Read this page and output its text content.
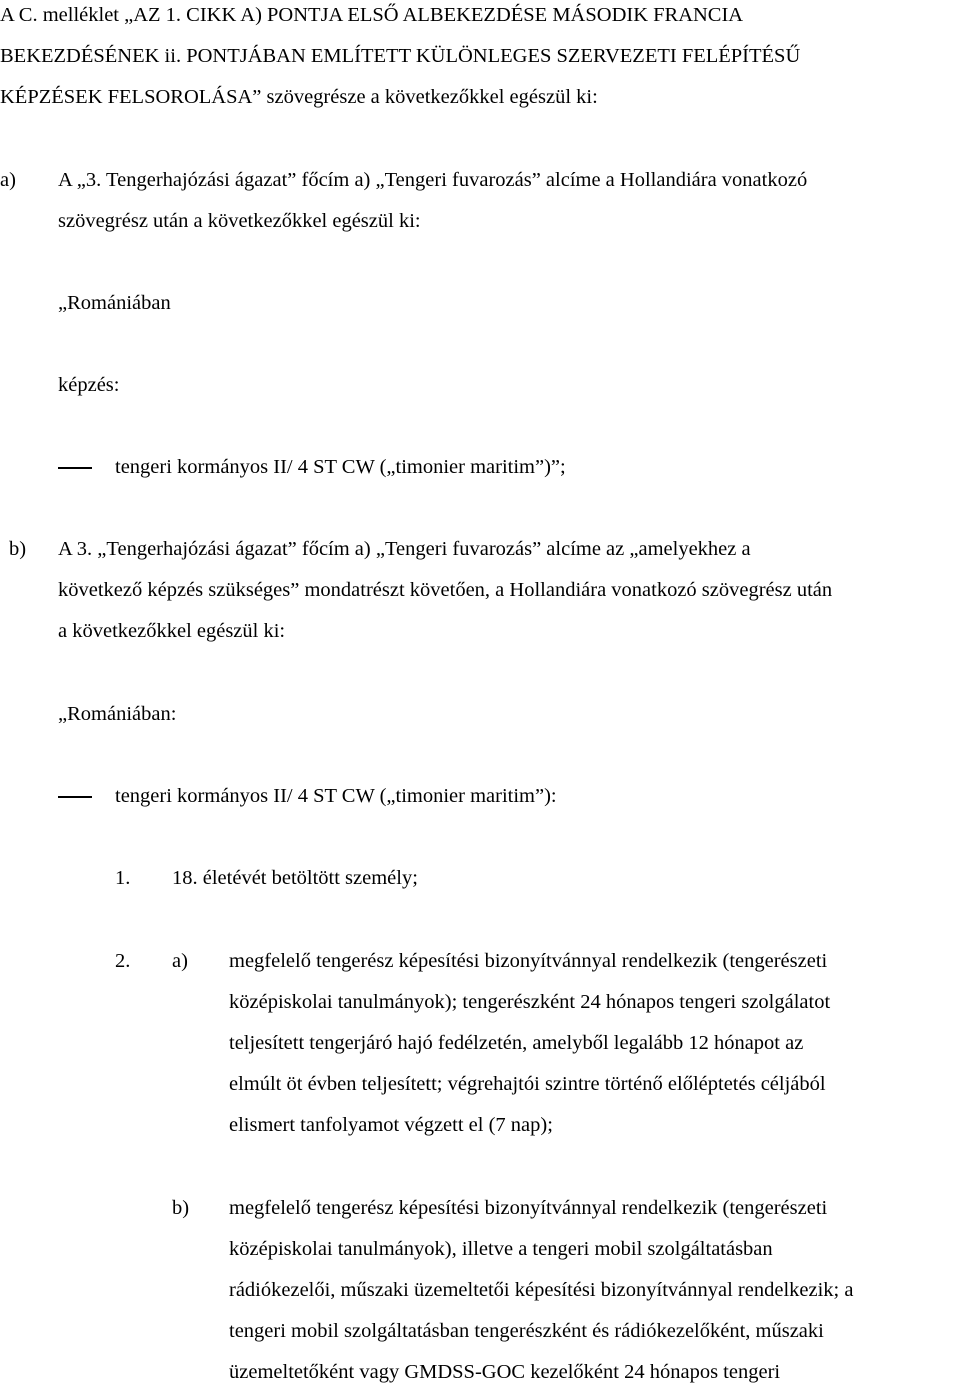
A C. melléklet „AZ 1. CIKK A) PONTJA ELSŐ ALBEKEZDÉSE MÁSODIK FRANCIA
BEKEZDÉSÉNEK ii. PONTJÁBAN EMLÍTETT KÜLÖNLEGES SZERVEZETI FELÉPÍTÉSŰ
KÉPZÉSEK FELSOROLÁSA” szövegrésze a következőkkel egészül ki:
a) A „3. Tengerhajózási ágazat” főcím a) „Tengeri fuvarozás” alcíme a Hollandiára vonatkozó
szövegrész után a következőkkel egészül ki:
„Romániában
képzés:
tengeri kormányos II/ 4 ST CW („timonier maritim”)”;
b) A 3. „Tengerhajózási ágazat” főcím a) „Tengeri fuvarozás” alcíme az „amelyekhez a
következő képzés szükséges” mondatrészt követően, a Hollandiára vonatkozó szövegrész után
a következőkkel egészül ki:
„Romániában:
tengeri kormányos II/ 4 ST CW („timonier maritim”):
1. 18. életévét betöltött személy;
2. a) megfelelő tengerész képesítési bizonyítvánnyal rendelkezik (tengerészeti
középiskolai tanulmányok); tengerészként 24 hónapos tengeri szolgálatot
teljesített tengerjáró hajó fedélzetén, amelyből legalább 12 hónapot az
elmúlt öt évben teljesített; végrehajtói szintre történő előléptetés céljából
elismert tanfolyamot végzett el (7 nap);
b) megfelelő tengerész képesítési bizonyítvánnyal rendelkezik (tengerészeti
középiskolai tanulmányok), illetve a tengeri mobil szolgáltatásban
rádiókezelői, műszaki üzemeltetői képesítési bizonyítvánnyal rendelkezik; a
tengeri mobil szolgáltatásban tengerészként és rádiókezelőként, műszaki
üzemeltetőként vagy GMDSS-GOC kezelőként 24 hónapos tengeri
